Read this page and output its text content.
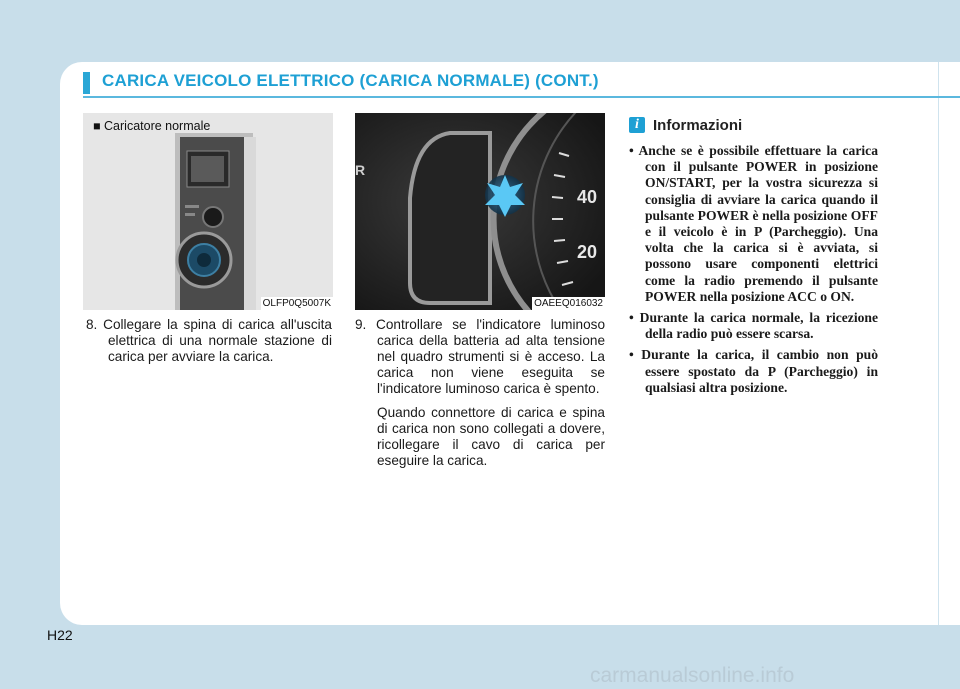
CARICA VEICOLO ELETTRICO (CARICA NORMALE) (CONT.)
■ Caricatore normale
OLFP0Q5007K
40
20
R
OAEEQ016032

8. Collegare la spina di carica all'uscita elettrica di una normale stazione di carica per avviare la carica.

9. Controllare se l'indicatore luminoso carica della batteria ad alta tensione nel quadro strumenti si è acceso. La carica non viene eseguita se l'indicatore luminoso carica è spento.

Quando connettore di carica e spina di carica non sono collegati a dovere, ricollegare il cavo di carica per eseguire la carica.

i Informazioni
• Anche se è possibile effettuare la carica con il pulsante POWER in posizione ON/START, per la vostra sicurezza si consiglia di avviare la carica quando il pulsante POWER è nella posizione OFF e il veicolo è in P (Parcheggio). Una volta che la carica si è avviata, si possono usare componenti elettrici come la radio premendo il pulsante POWER nella posizione ACC o ON.
• Durante la carica normale, la ricezione della radio può essere scarsa.
• Durante la carica, il cambio non può essere spostato da P (Parcheggio) in qualsiasi altra posizione.
H22
carmanualsonline.info
